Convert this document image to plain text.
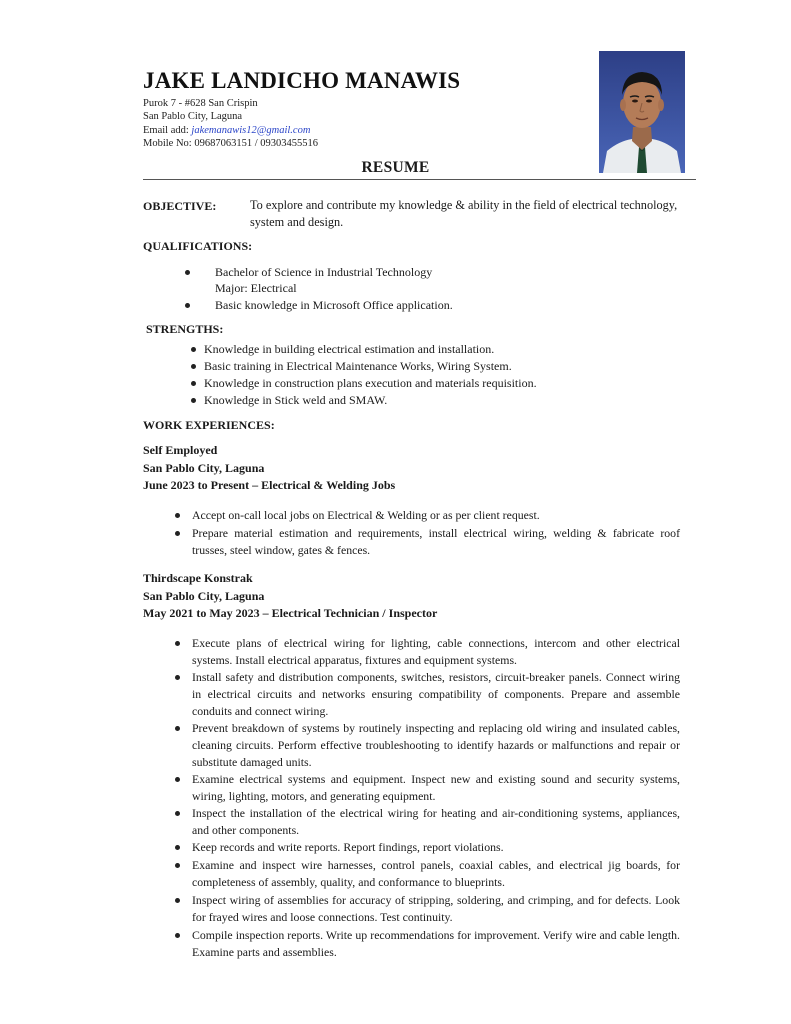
JAKE LANDICHO MANAWIS
Purok 7 - #628 San Crispin
San Pablo City, Laguna
Email add: jakemanawis12@gmail.com
Mobile No: 09687063151 / 09303455516
RESUME
OBJECTIVE:	To explore and contribute my knowledge & ability in the field of electrical technology, system and design.
QUALIFICATIONS:
Bachelor of Science in Industrial Technology
Major: Electrical
Basic knowledge in Microsoft Office application.
STRENGTHS:
Knowledge in building electrical estimation and installation.
Basic training in Electrical Maintenance Works, Wiring System.
Knowledge in construction plans execution and materials requisition.
Knowledge in Stick weld and SMAW.
WORK EXPERIENCES:
Self Employed
San Pablo City, Laguna
June 2023 to Present – Electrical & Welding Jobs
Accept on-call local jobs on Electrical & Welding or as per client request.
Prepare material estimation and requirements, install electrical wiring, welding & fabricate roof trusses, steel window, gates & fences.
Thirdscape Konstrak
San Pablo City, Laguna
May 2021 to May 2023 – Electrical Technician / Inspector
Execute plans of electrical wiring for lighting, cable connections, intercom and other electrical systems. Install electrical apparatus, fixtures and equipment systems.
Install safety and distribution components, switches, resistors, circuit-breaker panels. Connect wiring in electrical circuits and networks ensuring compatibility of components. Prepare and assemble conduits and connect wiring.
Prevent breakdown of systems by routinely inspecting and replacing old wiring and insulated cables, cleaning circuits. Perform effective troubleshooting to identify hazards or malfunctions and repair or substitute damaged units.
Examine electrical systems and equipment. Inspect new and existing sound and security systems, wiring, lighting, motors, and generating equipment.
Inspect the installation of the electrical wiring for heating and air-conditioning systems, appliances, and other components.
Keep records and write reports. Report findings, report violations.
Examine and inspect wire harnesses, control panels, coaxial cables, and electrical jig boards, for completeness of assembly, quality, and conformance to blueprints.
Inspect wiring of assemblies for accuracy of stripping, soldering, and crimping, and for defects. Look for frayed wires and loose connections. Test continuity.
Compile inspection reports. Write up recommendations for improvement. Verify wire and cable length. Examine parts and assemblies.
